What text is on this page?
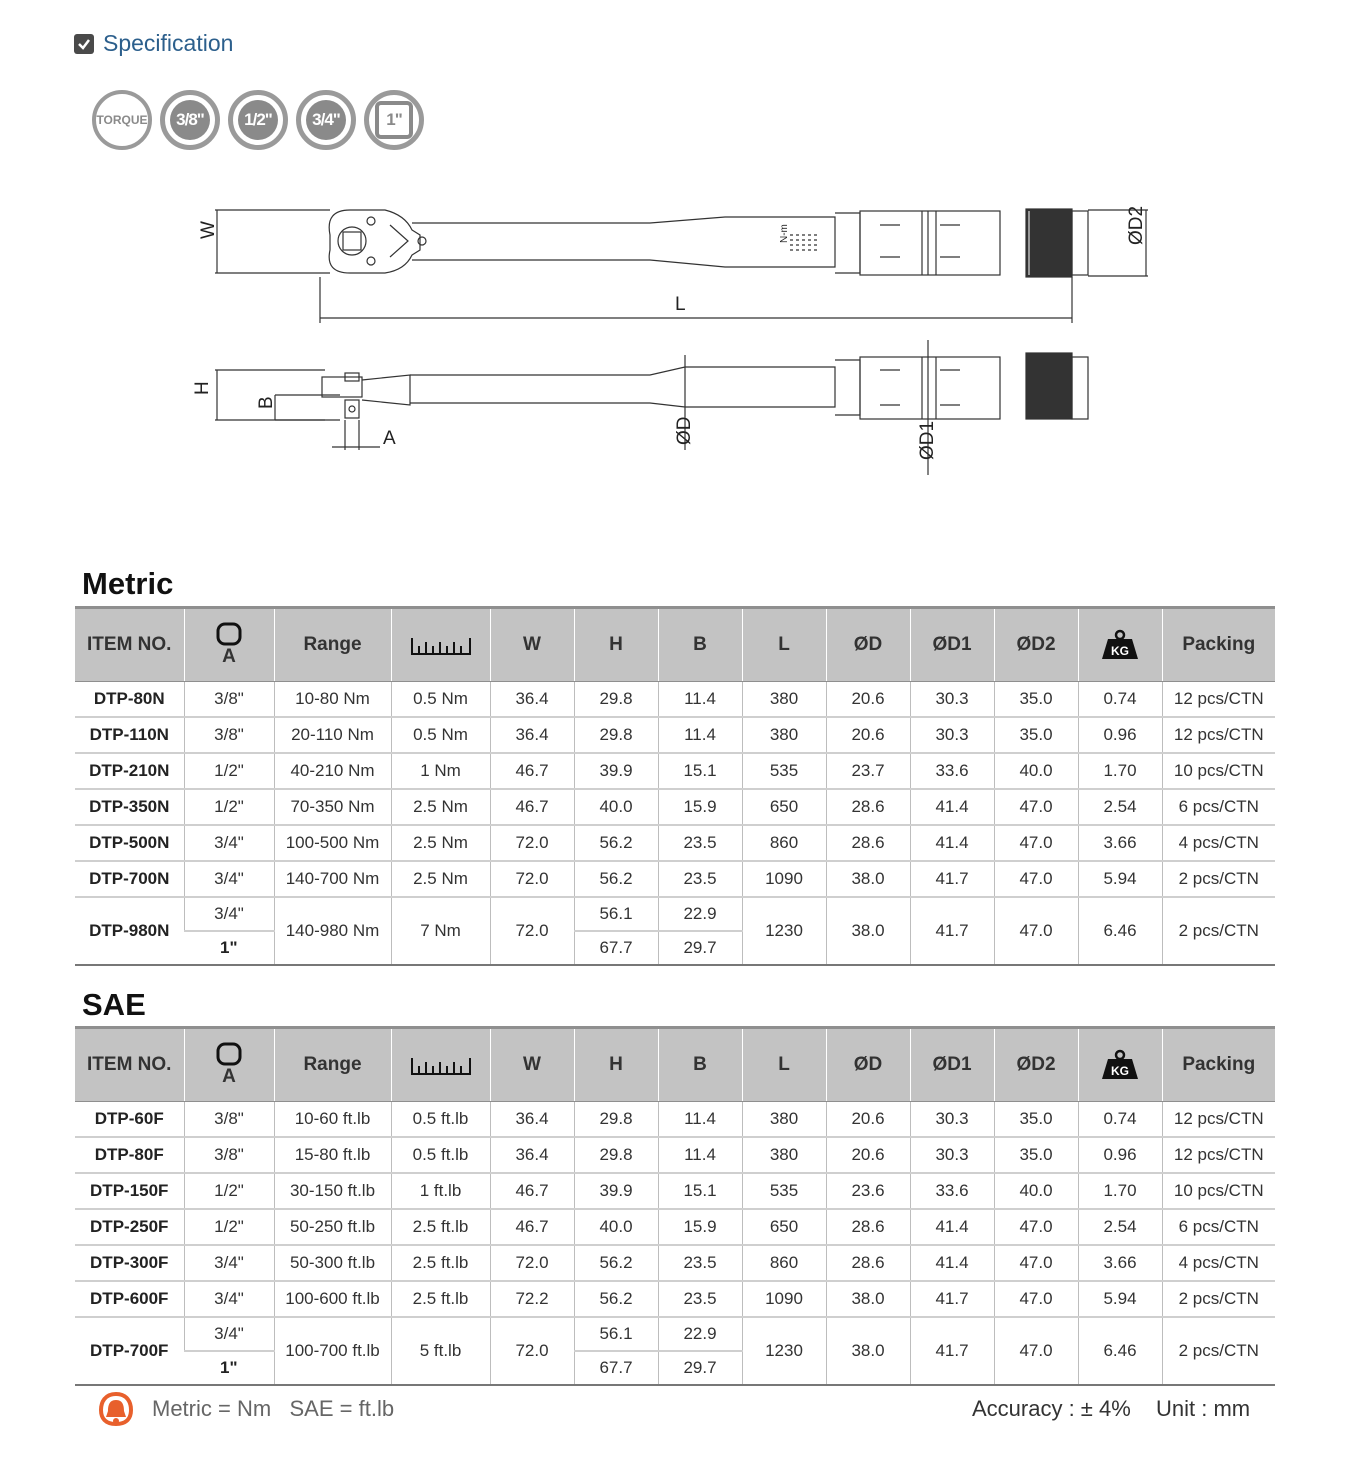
Specification
TORQUE	3/8"	1/2"	3/4"	1"
W
L
ØD2
H
B
A	ØD	ØD1
N-m
Metric
ITEM NO.	A	Range		W	H	B	L	ØD	ØD1	ØD2	KG	Packing
DTP-80N	3/8"	10-80 Nm	0.5 Nm	36.4	29.8	11.4	380	20.6	30.3	35.0	0.74	12 pcs/CTN
DTP-110N	3/8"	20-110 Nm	0.5 Nm	36.4	29.8	11.4	380	20.6	30.3	35.0	0.96	12 pcs/CTN
DTP-210N	1/2"	40-210 Nm	1 Nm	46.7	39.9	15.1	535	23.7	33.6	40.0	1.70	10 pcs/CTN
DTP-350N	1/2"	70-350 Nm	2.5 Nm	46.7	40.0	15.9	650	28.6	41.4	47.0	2.54	6 pcs/CTN
DTP-500N	3/4"	100-500 Nm	2.5 Nm	72.0	56.2	23.5	860	28.6	41.4	47.0	3.66	4 pcs/CTN
DTP-700N	3/4"	140-700 Nm	2.5 Nm	72.0	56.2	23.5	1090	38.0	41.7	47.0	5.94	2 pcs/CTN
DTP-980N	3/4"	140-980 Nm	7 Nm	72.0	56.1	22.9	1230	38.0	41.7	47.0	6.46	2 pcs/CTN
	1"				67.7	29.7						
SAE
ITEM NO.	A	Range		W	H	B	L	ØD	ØD1	ØD2	KG	Packing
DTP-60F	3/8"	10-60 ft.lb	0.5 ft.lb	36.4	29.8	11.4	380	20.6	30.3	35.0	0.74	12 pcs/CTN
DTP-80F	3/8"	15-80 ft.lb	0.5 ft.lb	36.4	29.8	11.4	380	20.6	30.3	35.0	0.96	12 pcs/CTN
DTP-150F	1/2"	30-150 ft.lb	1 ft.lb	46.7	39.9	15.1	535	23.6	33.6	40.0	1.70	10 pcs/CTN
DTP-250F	1/2"	50-250 ft.lb	2.5 ft.lb	46.7	40.0	15.9	650	28.6	41.4	47.0	2.54	6 pcs/CTN
DTP-300F	3/4"	50-300 ft.lb	2.5 ft.lb	72.0	56.2	23.5	860	28.6	41.4	47.0	3.66	4 pcs/CTN
DTP-600F	3/4"	100-600 ft.lb	2.5 ft.lb	72.2	56.2	23.5	1090	38.0	41.7	47.0	5.94	2 pcs/CTN
DTP-700F	3/4"	100-700 ft.lb	5 ft.lb	72.0	56.1	22.9	1230	38.0	41.7	47.0	6.46	2 pcs/CTN
	1"				67.7	29.7						
Metric = Nm   SAE = ft.lb	Accuracy : ± 4% Unit : mm
